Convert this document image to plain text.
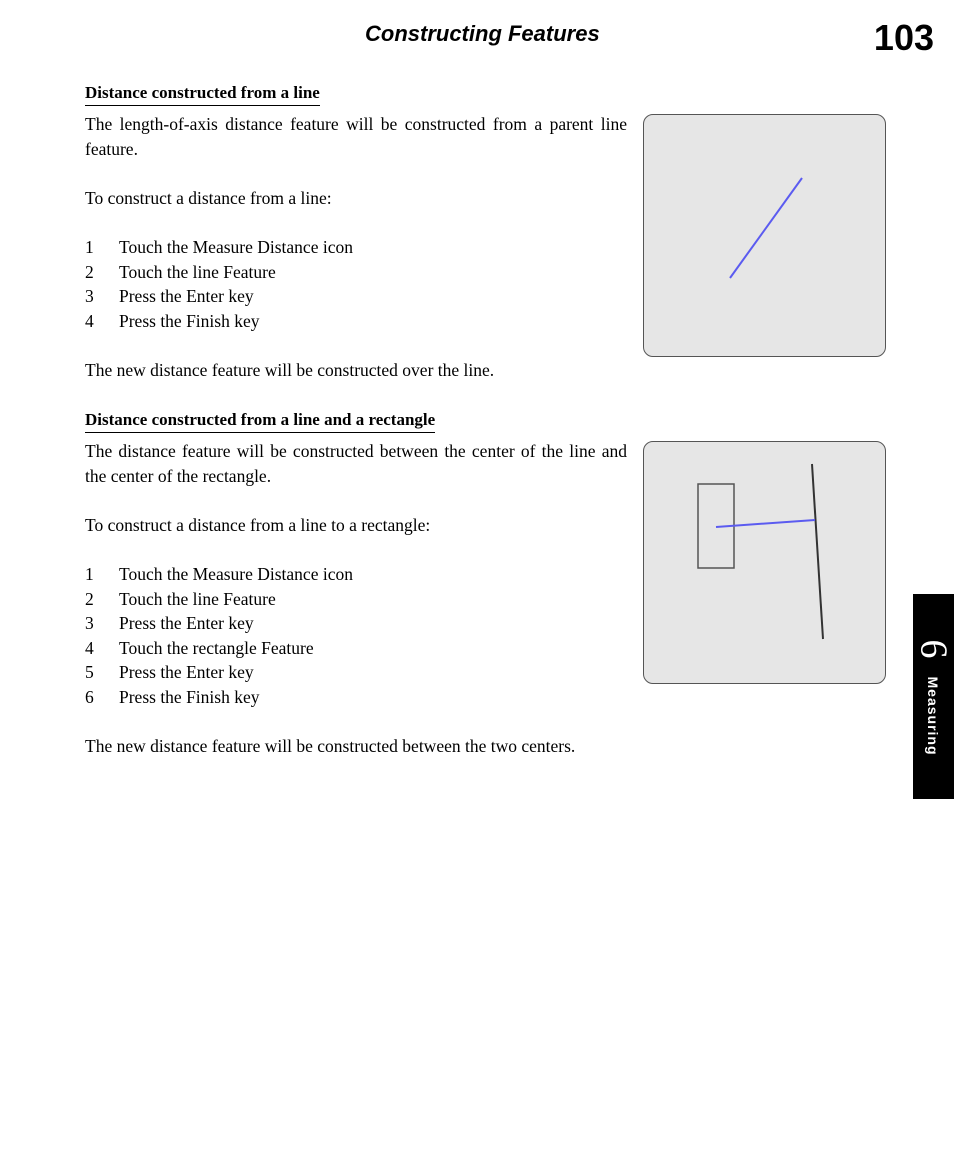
Constructing Features	103
Distance constructed from a line

The length-of-axis distance feature will be constructed from a parent line feature.

To construct a distance from a line:

1	Touch the Measure Distance icon
2	Touch the line Feature
3	Press the Enter key
4	Press the Finish key

The new distance feature will be constructed over the line.

Distance constructed from a line and a rectangle

The distance feature will be constructed between the center of the line and the center of the rectangle.

To construct a distance from a line to a rectangle:

1	Touch the Measure Distance icon
2	Touch the line Feature
3	Press the Enter key
4	Touch the rectangle Feature
5	Press the Enter key
6	Press the Finish key

The new distance feature will be constructed between the two centers.

6
Measuring
